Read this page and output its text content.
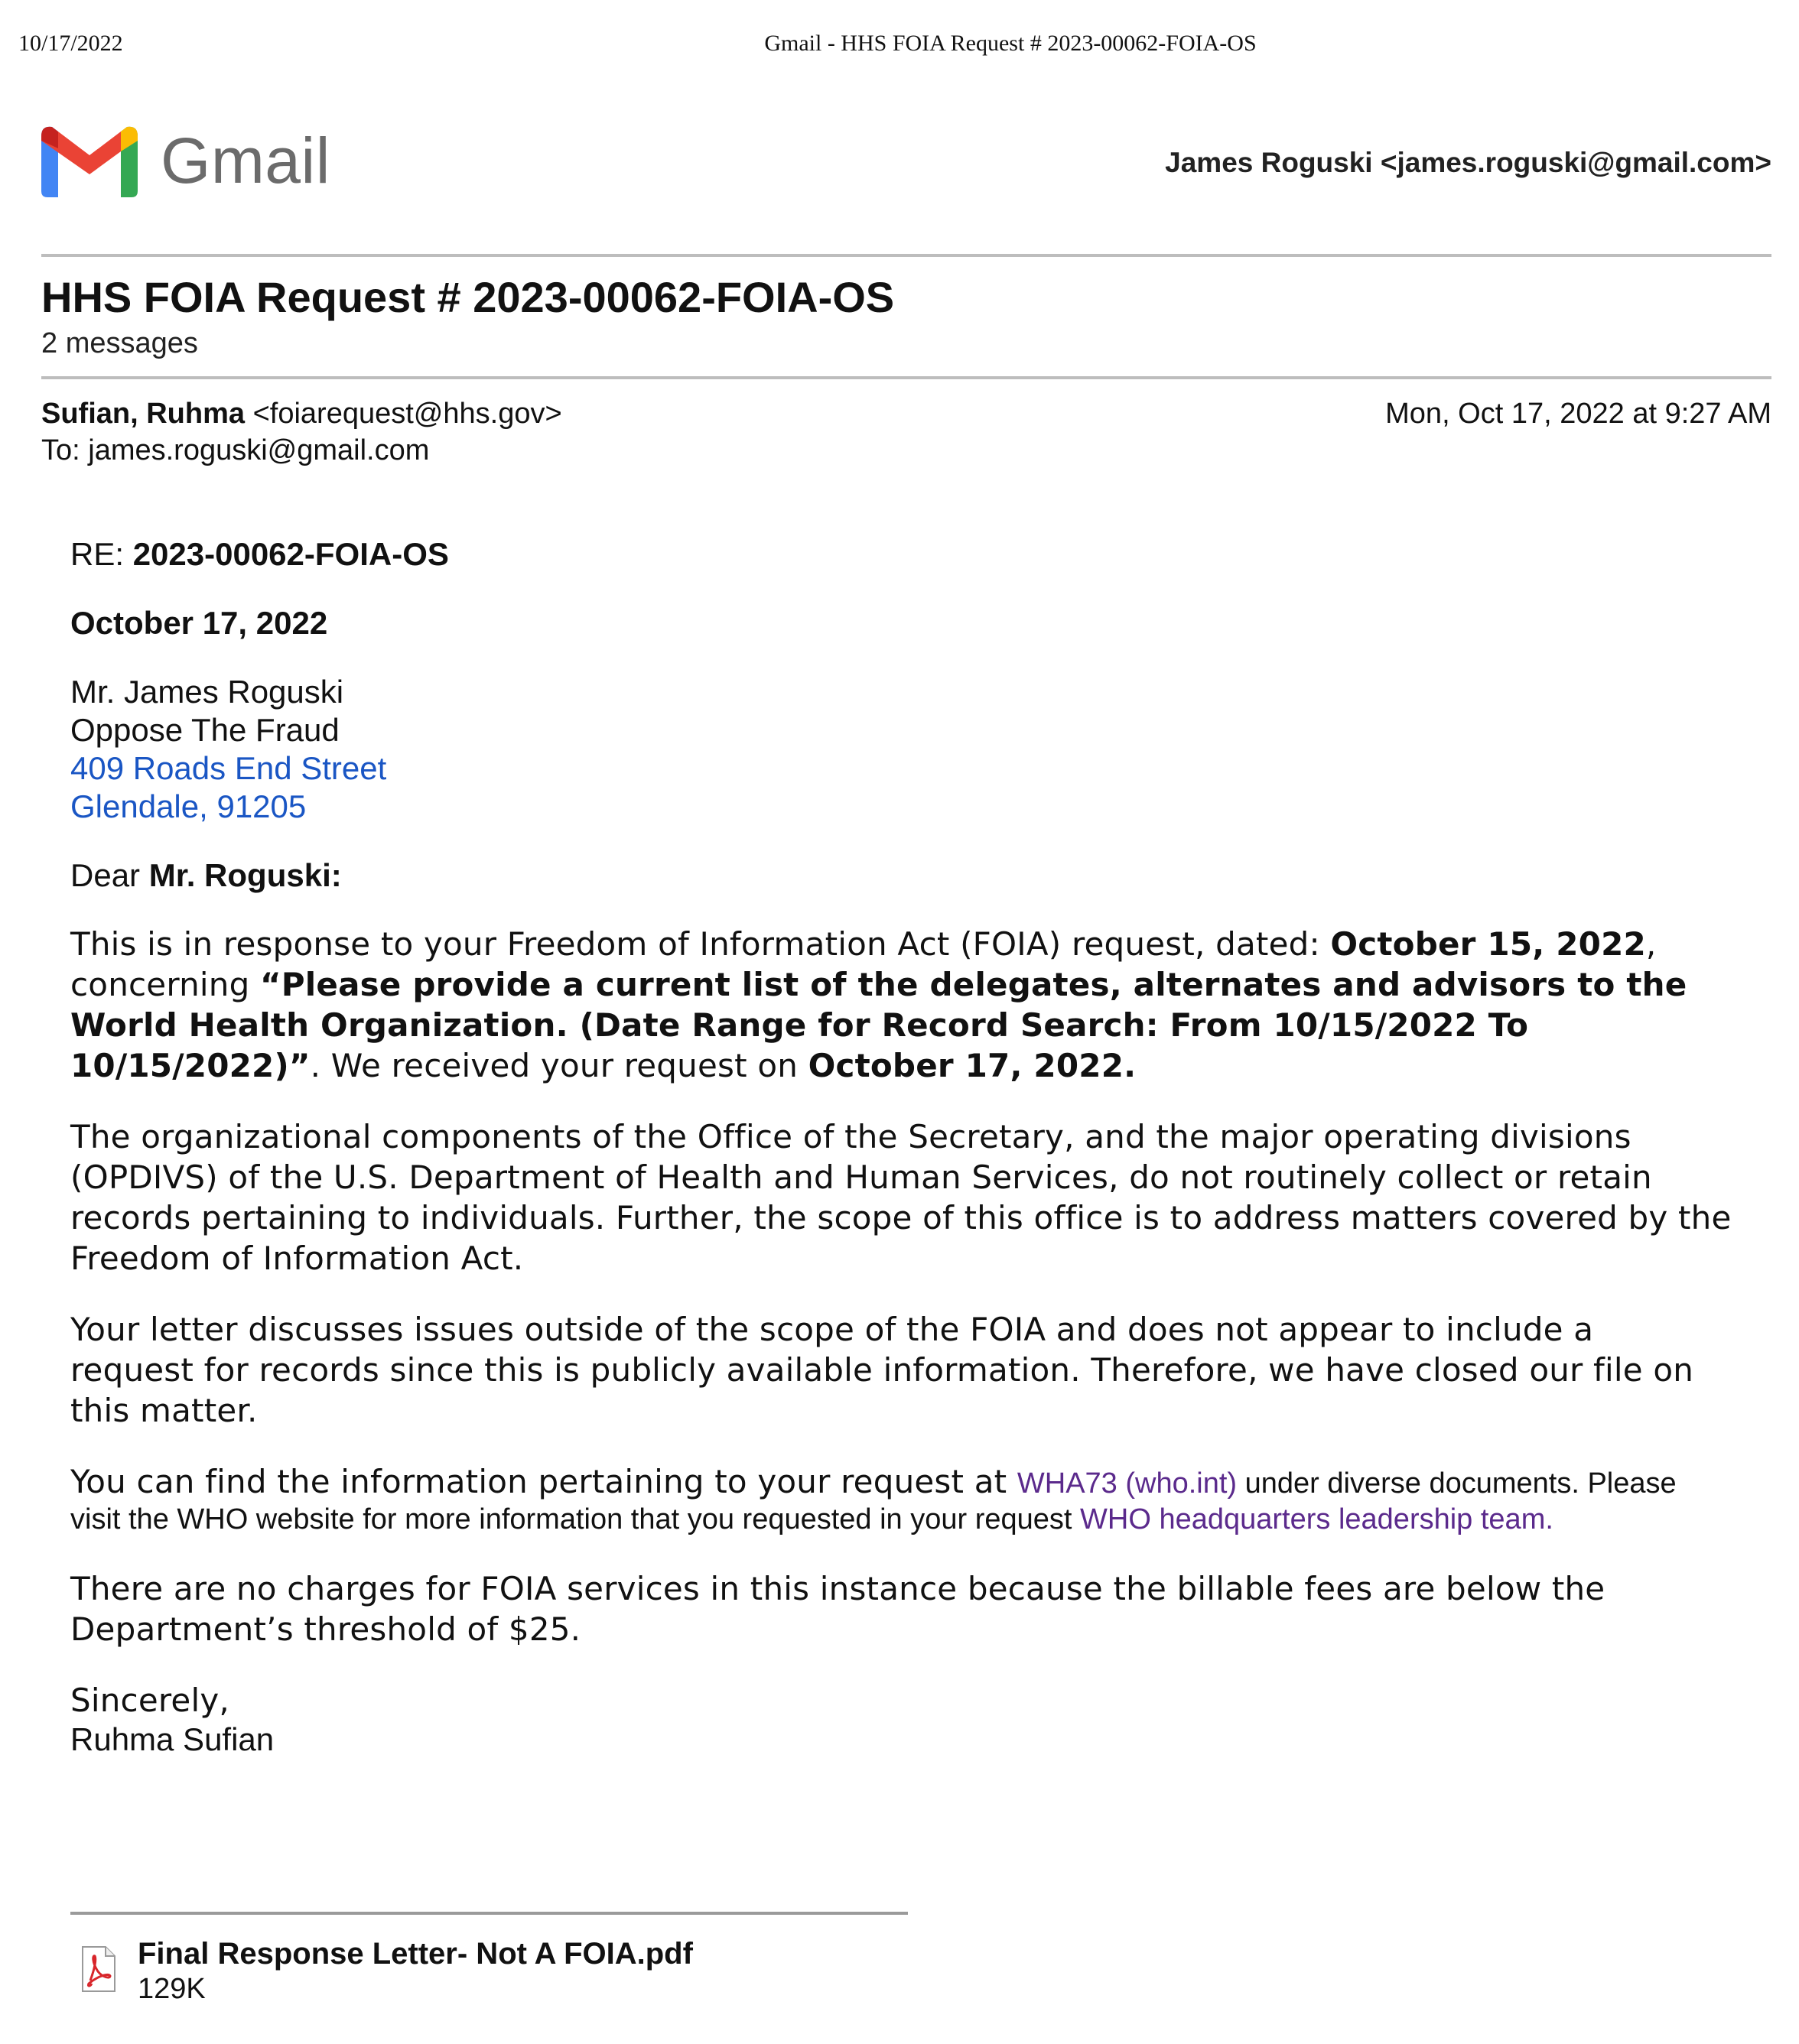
10/17/2022	Gmail - HHS FOIA Request # 2023-00062-FOIA-OS
Gmail	James Roguski <james.roguski@gmail.com>
HHS FOIA Request # 2023-00062-FOIA-OS
2 messages
Sufian, Ruhma <foiarequest@hhs.gov>
To: james.roguski@gmail.com
Mon, Oct 17, 2022 at 9:27 AM

RE: 2023-00062-FOIA-OS

October 17, 2022

Mr. James Roguski

Oppose The Fraud

409 Roads End Street

Glendale, 91205

Dear Mr. Roguski:

This is in response to your Freedom of Information Act (FOIA) request, dated: October 15, 2022, concerning “Please provide a current list of the delegates, alternates and advisors to the World Health Organization. (Date Range for Record Search: From 10/15/2022 To 10/15/2022)”. We received your request on October 17, 2022.

The organizational components of the Office of the Secretary, and the major operating divisions (OPDIVS) of the U.S. Department of Health and Human Services, do not routinely collect or retain records pertaining to individuals. Further, the scope of this office is to address matters covered by the Freedom of Information Act.

Your letter discusses issues outside of the scope of the FOIA and does not appear to include a request for records since this is publicly available information. Therefore, we have closed our file on this matter.

You can find the information pertaining to your request at WHA73 (who.int) under diverse documents. Please visit the WHO website for more information that you requested in your request WHO headquarters leadership team.

There are no charges for FOIA services in this instance because the billable fees are below the Department’s threshold of $25.

Sincerely,

Ruhma Sufian

Final Response Letter- Not A FOIA.pdf
129K
